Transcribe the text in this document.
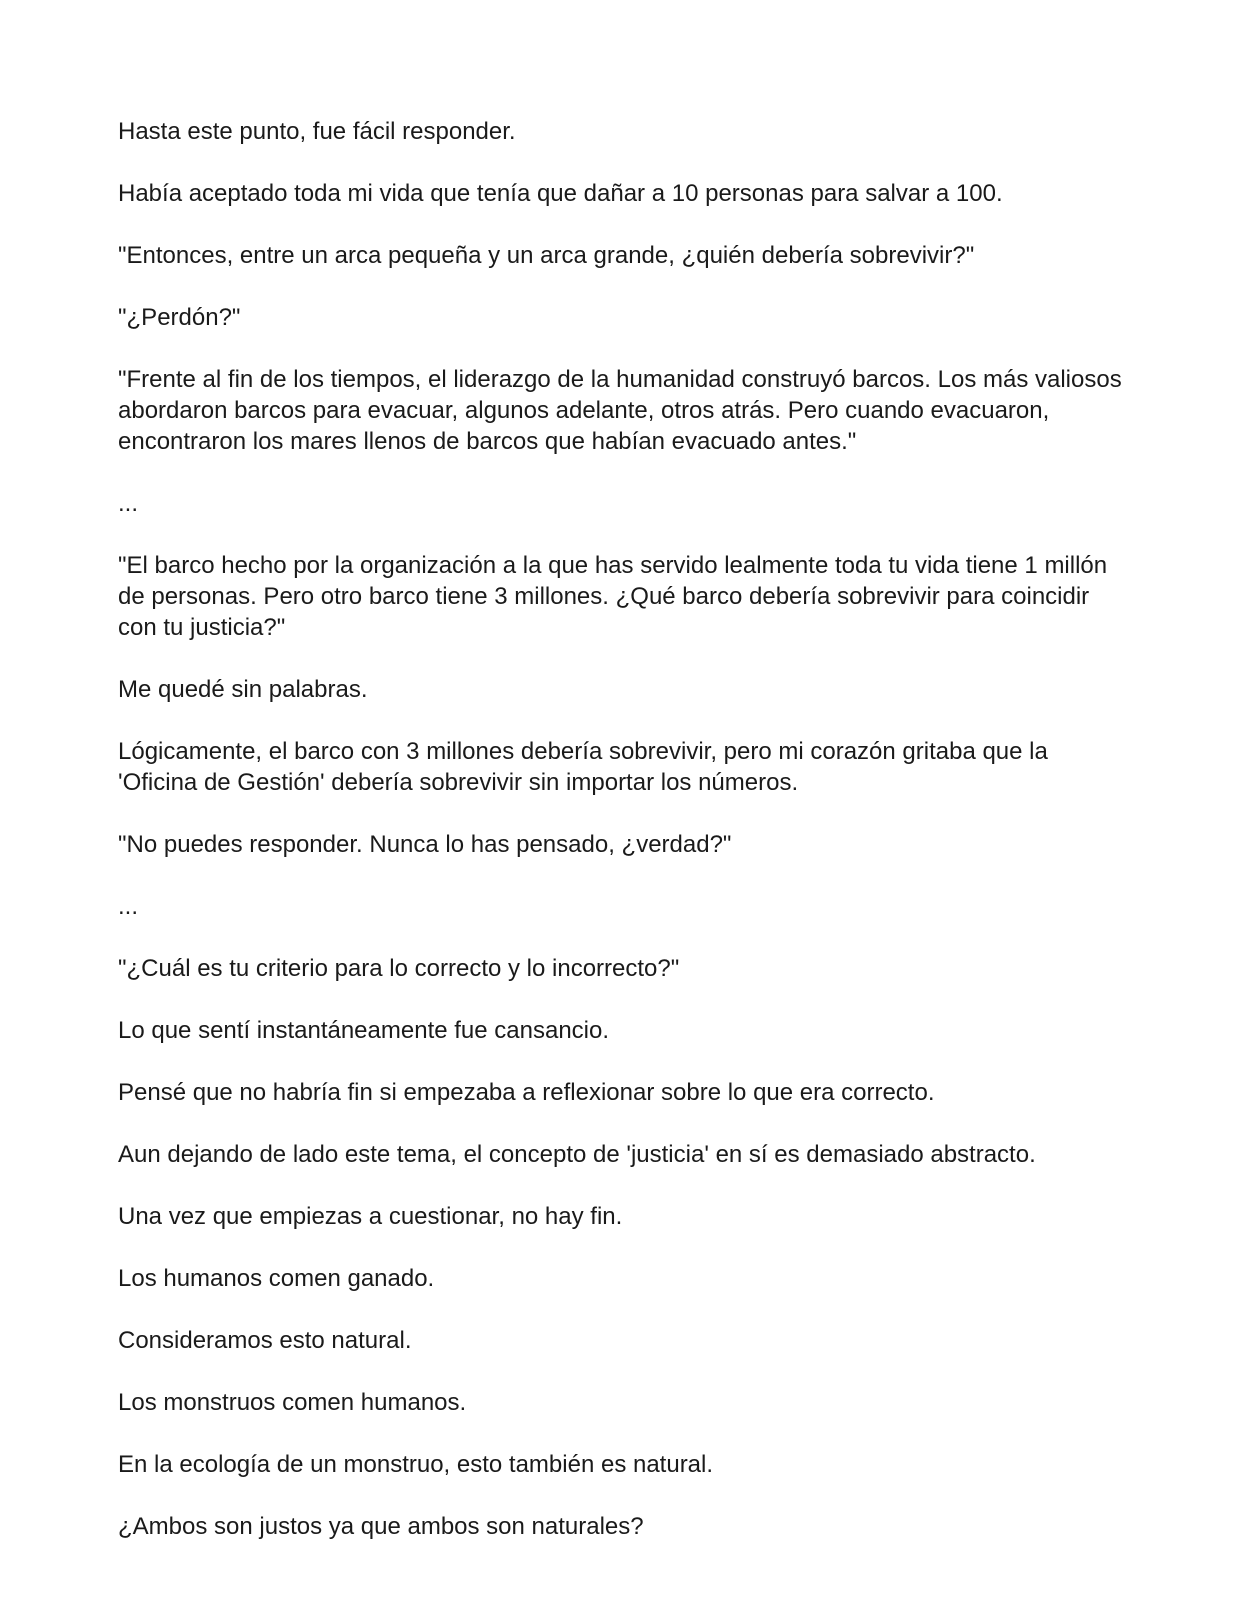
Hasta este punto, fue fácil responder.

Había aceptado toda mi vida que tenía que dañar a 10 personas para salvar a 100.

"Entonces, entre un arca pequeña y un arca grande, ¿quién debería sobrevivir?"

"¿Perdón?"

"Frente al fin de los tiempos, el liderazgo de la humanidad construyó barcos. Los más valiosos abordaron barcos para evacuar, algunos adelante, otros atrás. Pero cuando evacuaron, encontraron los mares llenos de barcos que habían evacuado antes."

...

"El barco hecho por la organización a la que has servido lealmente toda tu vida tiene 1 millón de personas. Pero otro barco tiene 3 millones. ¿Qué barco debería sobrevivir para coincidir con tu justicia?"

Me quedé sin palabras.

Lógicamente, el barco con 3 millones debería sobrevivir, pero mi corazón gritaba que la 'Oficina de Gestión' debería sobrevivir sin importar los números.

"No puedes responder. Nunca lo has pensado, ¿verdad?"

...

"¿Cuál es tu criterio para lo correcto y lo incorrecto?"

Lo que sentí instantáneamente fue cansancio.

Pensé que no habría fin si empezaba a reflexionar sobre lo que era correcto.

Aun dejando de lado este tema, el concepto de 'justicia' en sí es demasiado abstracto.

Una vez que empiezas a cuestionar, no hay fin.

Los humanos comen ganado.

Consideramos esto natural.

Los monstruos comen humanos.

En la ecología de un monstruo, esto también es natural.

¿Ambos son justos ya que ambos son naturales?
